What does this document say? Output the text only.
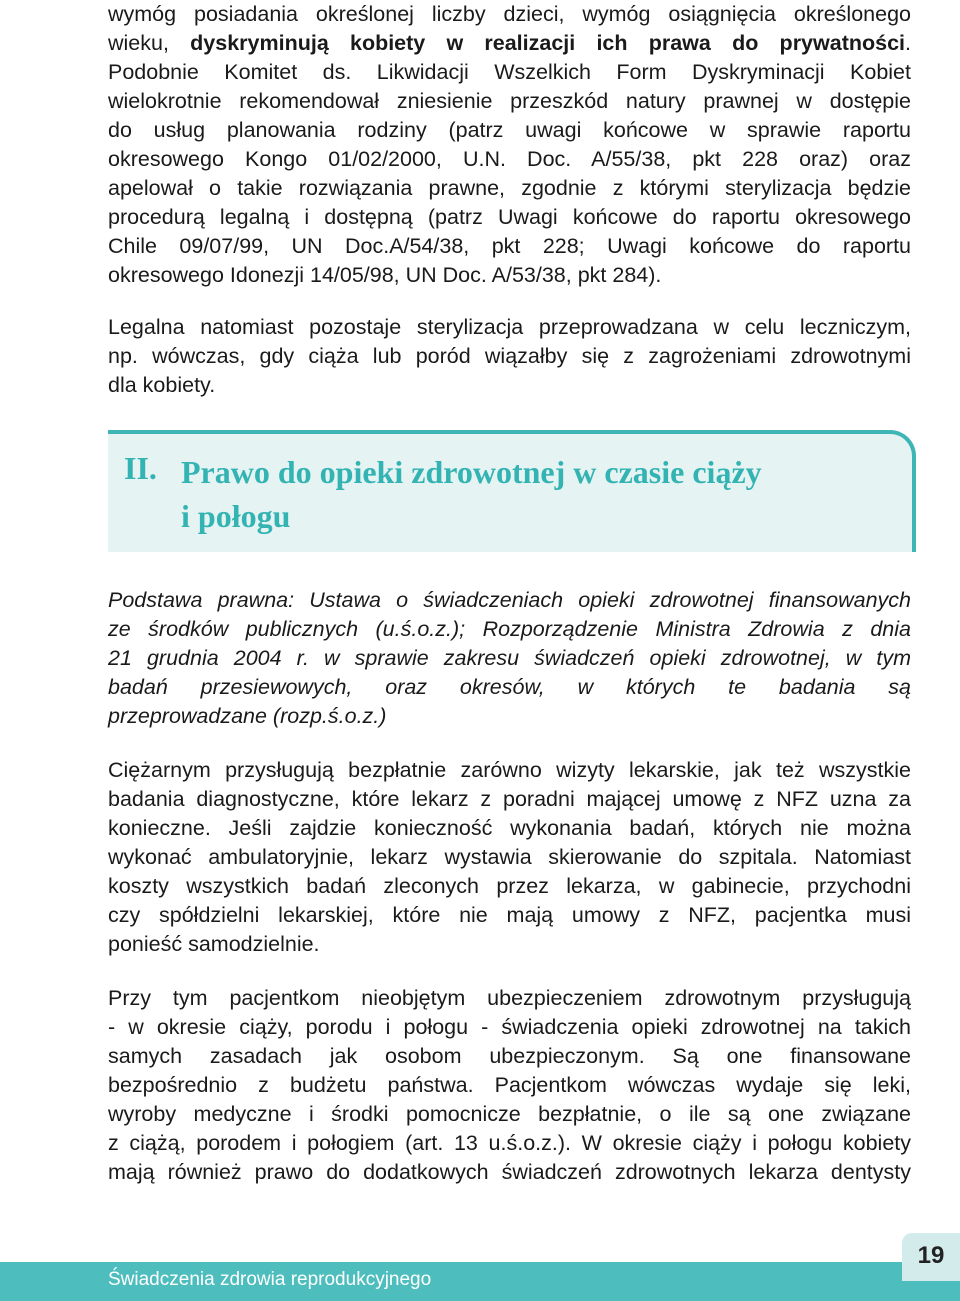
wymóg posiadania określonej liczby dzieci, wymóg osiągnięcia określonego
wieku, dyskryminują kobiety w realizacji ich prawa do prywatności.
Podobnie Komitet ds. Likwidacji Wszelkich Form Dyskryminacji Kobiet
wielokrotnie rekomendował zniesienie przeszkód natury prawnej w dostępie
do usług planowania rodziny (patrz uwagi końcowe w sprawie raportu
okresowego Kongo 01/02/2000, U.N. Doc. A/55/38, pkt 228 oraz) oraz
apelował o takie rozwiązania prawne, zgodnie z którymi sterylizacja będzie
procedurą legalną i dostępną (patrz Uwagi końcowe do raportu okresowego
Chile 09/07/99, UN Doc.A/54/38, pkt 228; Uwagi końcowe do raportu
okresowego Idonezji 14/05/98, UN Doc. A/53/38, pkt 284).
Legalna natomiast pozostaje sterylizacja przeprowadzana w celu leczniczym,
np. wówczas, gdy ciąża lub poród wiązałby się z zagrożeniami zdrowotnymi
dla kobiety.
II. Prawo do opieki zdrowotnej w czasie ciąży
i połogu
Podstawa prawna: Ustawa o świadczeniach opieki zdrowotnej finansowanych
ze środków publicznych (u.ś.o.z.); Rozporządzenie Ministra Zdrowia z dnia
21 grudnia 2004 r. w sprawie zakresu świadczeń opieki zdrowotnej, w tym
badań przesiewowych, oraz okresów, w których te badania są
przeprowadzane (rozp.ś.o.z.)
Ciężarnym przysługują bezpłatnie zarówno wizyty lekarskie, jak też wszystkie
badania diagnostyczne, które lekarz z poradni mającej umowę z NFZ uzna za
konieczne. Jeśli zajdzie konieczność wykonania badań, których nie można
wykonać ambulatoryjnie, lekarz wystawia skierowanie do szpitala. Natomiast
koszty wszystkich badań zleconych przez lekarza, w gabinecie, przychodni
czy spółdzielni lekarskiej, które nie mają umowy z NFZ, pacjentka musi
ponieść samodzielnie.
Przy tym pacjentkom nieobjętym ubezpieczeniem zdrowotnym przysługują
- w okresie ciąży, porodu i połogu - świadczenia opieki zdrowotnej na takich
samych zasadach jak osobom ubezpieczonym. Są one finansowane
bezpośrednio z budżetu państwa. Pacjentkom wówczas wydaje się leki,
wyroby medyczne i środki pomocnicze bezpłatnie, o ile są one związane
z ciążą, porodem i połogiem (art. 13 u.ś.o.z.). W okresie ciąży i połogu kobiety
mają również prawo do dodatkowych świadczeń zdrowotnych lekarza dentysty
Świadczenia zdrowia reprodukcyjnego
19
